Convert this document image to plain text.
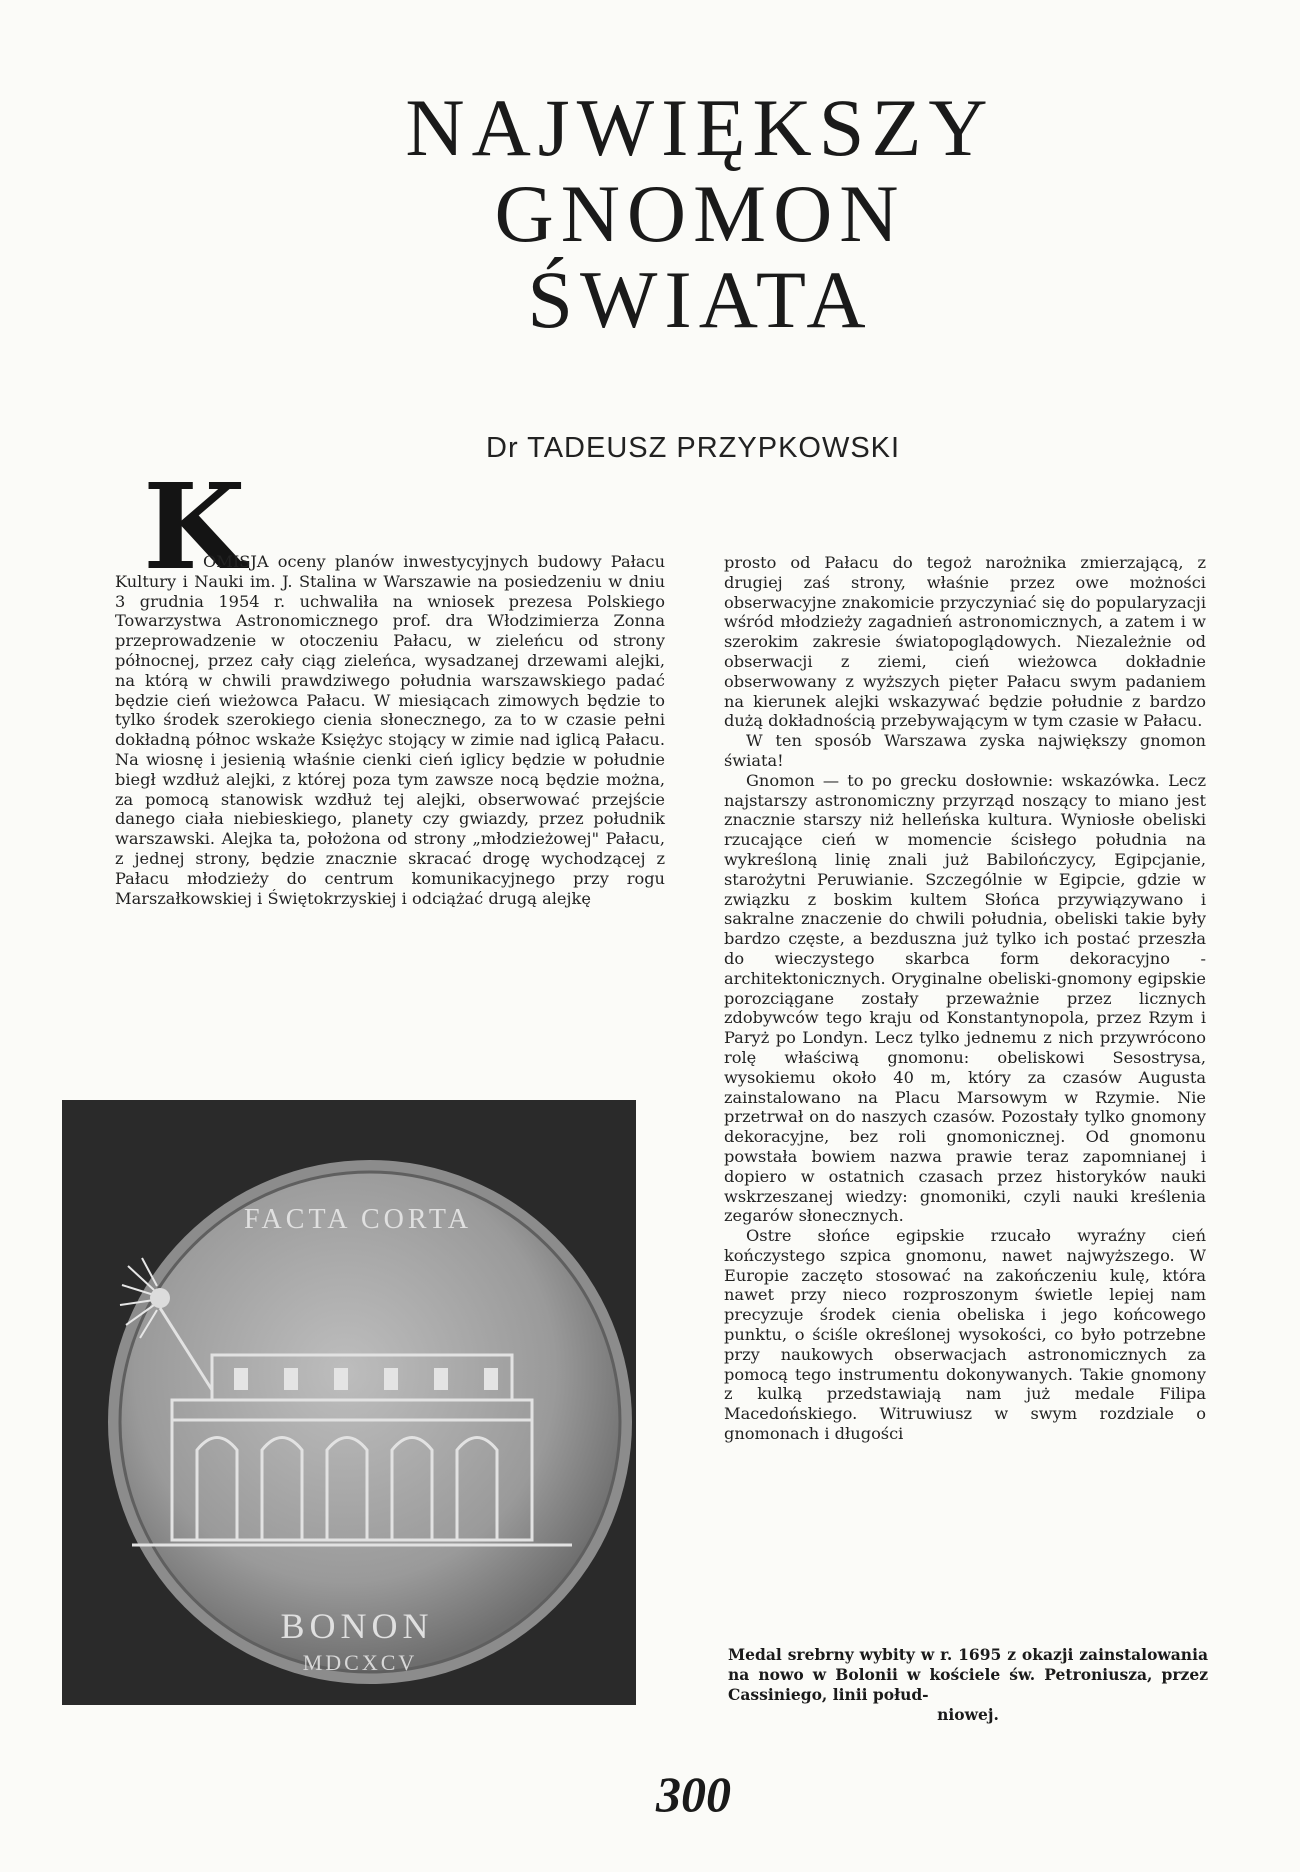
NAJWIĘKSZY
GNOMON
ŚWIATA
Dr TADEUSZ PRZYPKOWSKI
K

OMISJA oceny planów inwestycyjnych budowy Pałacu Kultury i Nauki im. J. Stalina w Warszawie na posiedzeniu w dniu 3 grudnia 1954 r. uchwaliła na wniosek prezesa Polskiego Towarzystwa Astronomicznego prof. dra Włodzimierza Zonna przeprowadzenie w otoczeniu Pałacu, w zieleńcu od strony północnej, przez cały ciąg zieleńca, wysadzanej drzewami alejki, na którą w chwili prawdziwego południa warszawskiego padać będzie cień wieżowca Pałacu. W miesiącach zimowych będzie to tylko środek szerokiego cienia słonecznego, za to w czasie pełni dokładną północ wskaże Księżyc stojący w zimie nad iglicą Pałacu. Na wiosnę i jesienią właśnie cienki cień iglicy będzie w południe biegł wzdłuż alejki, z której poza tym zawsze nocą będzie można, za pomocą stanowisk wzdłuż tej alejki, obserwować przejście danego ciała niebieskiego, planety czy gwiazdy, przez południk warszawski. Alejka ta, położona od strony „młodzieżowej" Pałacu, z jednej strony, będzie znacznie skracać drogę wychodzącej z Pałacu młodzieży do centrum komunikacyjnego przy rogu Marszałkowskiej i Świętokrzyskiej i odciążać drugą alejkę

prosto od Pałacu do tegoż narożnika zmierzającą, z drugiej zaś strony, właśnie przez owe możności obserwacyjne znakomicie przyczyniać się do popularyzacji wśród młodzieży zagadnień astronomicznych, a zatem i w szerokim zakresie światopoglądowych. Niezależnie od obserwacji z ziemi, cień wieżowca dokładnie obserwowany z wyższych pięter Pałacu swym padaniem na kierunek alejki wskazywać będzie południe z bardzo dużą dokładnością przebywającym w tym czasie w Pałacu.

W ten sposób Warszawa zyska największy gnomon świata!

Gnomon — to po grecku dosłownie: wskazówka. Lecz najstarszy astronomiczny przyrząd noszący to miano jest znacznie starszy niż helleńska kultura. Wyniosłe obeliski rzucające cień w momencie ścisłego południa na wykreśloną linię znali już Babilończycy, Egipcjanie, starożytni Peruwianie. Szczególnie w Egipcie, gdzie w związku z boskim kultem Słońca przywiązywano i sakralne znaczenie do chwili południa, obeliski takie były bardzo częste, a bezduszna już tylko ich postać przeszła do wieczystego skarbca form dekoracyjno - architektonicznych. Oryginalne obeliski-gnomony egipskie porozciągane zostały przeważnie przez licznych zdobywców tego kraju od Konstantynopola, przez Rzym i Paryż po Londyn. Lecz tylko jednemu z nich przywrócono rolę właściwą gnomonu: obeliskowi Sesostrysa, wysokiemu około 40 m, który za czasów Augusta zainstalowano na Placu Marsowym w Rzymie. Nie przetrwał on do naszych czasów. Pozostały tylko gnomony dekoracyjne, bez roli gnomonicznej. Od gnomonu powstała bowiem nazwa prawie teraz zapomnianej i dopiero w ostatnich czasach przez historyków nauki wskrzeszanej wiedzy: gnomoniki, czyli nauki kreślenia zegarów słonecznych.

Ostre słońce egipskie rzucało wyraźny cień kończystego szpica gnomonu, nawet najwyższego. W Europie zaczęto stosować na zakończeniu kulę, która nawet przy nieco rozproszonym świetle lepiej nam precyzuje środek cienia obeliska i jego końcowego punktu, o ściśle określonej wysokości, co było potrzebne przy naukowych obserwacjach astronomicznych za pomocą tego instrumentu dokonywanych. Takie gnomony z kulką przedstawiają nam już medale Filipa Macedońskiego. Witruwiusz w swym rozdziale o gnomonach i długości

FACTA CORTA
BONON
MDCXCV	Medal srebrny wybity w r. 1695 z okazji zainstalowania na nowo w Bolonii w kościele św. Petroniusza, przez Cassiniego, linii połud-
niowej.

300
